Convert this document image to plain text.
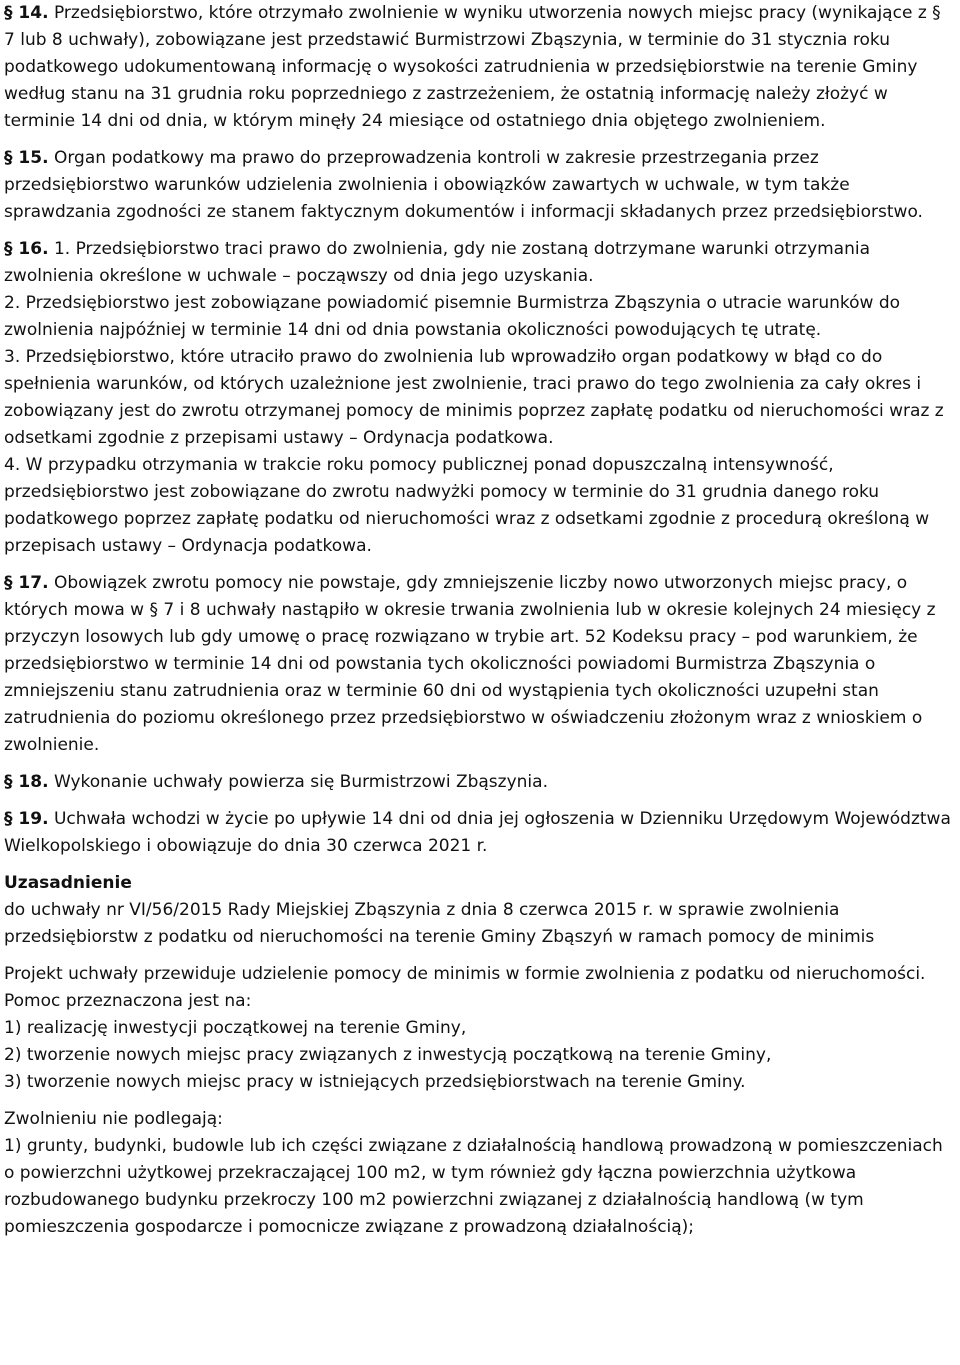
§ 14. Przedsiębiorstwo, które otrzymało zwolnienie w wyniku utworzenia nowych miejsc pracy (wynikające z § 7 lub 8 uchwały), zobowiązane jest przedstawić Burmistrzowi Zbąszynia, w terminie do 31 stycznia roku podatkowego udokumentowaną informację o wysokości zatrudnienia w przedsiębiorstwie na terenie Gminy według stanu na 31 grudnia roku poprzedniego z zastrzeżeniem, że ostatnią informację należy złożyć w terminie 14 dni od dnia, w którym minęły 24 miesiące od ostatniego dnia objętego zwolnieniem.

§ 15. Organ podatkowy ma prawo do przeprowadzenia kontroli w zakresie przestrzegania przez przedsiębiorstwo warunków udzielenia zwolnienia i obowiązków zawartych w uchwale, w tym także sprawdzania zgodności ze stanem faktycznym dokumentów i informacji składanych przez przedsiębiorstwo.

§ 16. 1. Przedsiębiorstwo traci prawo do zwolnienia, gdy nie zostaną dotrzymane warunki otrzymania zwolnienia określone w uchwale – począwszy od dnia jego uzyskania.
2. Przedsiębiorstwo jest zobowiązane powiadomić pisemnie Burmistrza Zbąszynia o utracie warunków do zwolnienia najpóźniej w terminie 14 dni od dnia powstania okoliczności powodujących tę utratę.
3. Przedsiębiorstwo, które utraciło prawo do zwolnienia lub wprowadziło organ podatkowy w błąd co do spełnienia warunków, od których uzależnione jest zwolnienie, traci prawo do tego zwolnienia za cały okres i zobowiązany jest do zwrotu otrzymanej pomocy de minimis poprzez zapłatę podatku od nieruchomości wraz z odsetkami zgodnie z przepisami ustawy – Ordynacja podatkowa.
4. W przypadku otrzymania w trakcie roku pomocy publicznej ponad dopuszczalną intensywność, przedsiębiorstwo jest zobowiązane do zwrotu nadwyżki pomocy w terminie do 31 grudnia danego roku podatkowego poprzez zapłatę podatku od nieruchomości wraz z odsetkami zgodnie z procedurą określoną w przepisach ustawy – Ordynacja podatkowa.

§ 17. Obowiązek zwrotu pomocy nie powstaje, gdy zmniejszenie liczby nowo utworzonych miejsc pracy, o których mowa w § 7 i 8 uchwały nastąpiło w okresie trwania zwolnienia lub w okresie kolejnych 24 miesięcy z przyczyn losowych lub gdy umowę o pracę rozwiązano w trybie art. 52 Kodeksu pracy – pod warunkiem, że przedsiębiorstwo w terminie 14 dni od powstania tych okoliczności powiadomi Burmistrza Zbąszynia o zmniejszeniu stanu zatrudnienia oraz w terminie 60 dni od wystąpienia tych okoliczności uzupełni stan zatrudnienia do poziomu określonego przez przedsiębiorstwo w oświadczeniu złożonym wraz z wnioskiem o zwolnienie.

§ 18. Wykonanie uchwały powierza się Burmistrzowi Zbąszynia.

§ 19. Uchwała wchodzi w życie po upływie 14 dni od dnia jej ogłoszenia w Dzienniku Urzędowym Województwa Wielkopolskiego i obowiązuje do dnia 30 czerwca 2021 r.

Uzasadnienie
do uchwały nr VI/56/2015 Rady Miejskiej Zbąszynia z dnia 8 czerwca 2015 r. w sprawie zwolnienia przedsiębiorstw z podatku od nieruchomości na terenie Gminy Zbąszyń w ramach pomocy de minimis
Projekt uchwały przewiduje udzielenie pomocy de minimis w formie zwolnienia z podatku od nieruchomości. Pomoc przeznaczona jest na:
1) realizację inwestycji początkowej na terenie Gminy,
2) tworzenie nowych miejsc pracy związanych z inwestycją początkową na terenie Gminy,
3) tworzenie nowych miejsc pracy w istniejących przedsiębiorstwach na terenie Gminy.
Zwolnieniu nie podlegają:
1) grunty, budynki, budowle lub ich części związane z działalnością handlową prowadzoną w pomieszczeniach o powierzchni użytkowej przekraczającej 100 m2, w tym również gdy łączna powierzchnia użytkowa rozbudowanego budynku przekroczy 100 m2 powierzchni związanej z działalnością handlową (w tym pomieszczenia gospodarcze i pomocnicze związane z prowadzoną działalnością);
